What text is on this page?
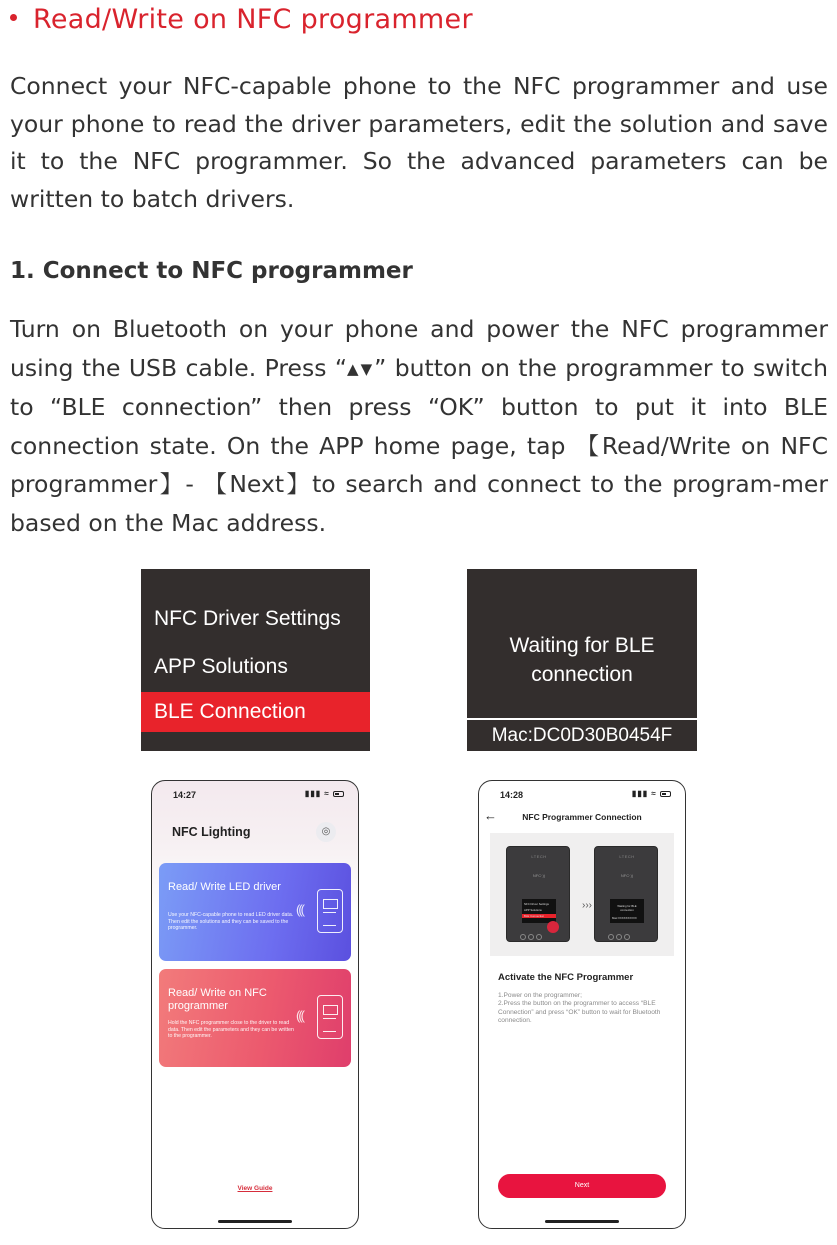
Read/Write on NFC programmer

Connect your NFC-capable phone to the NFC programmer and use your phone to read the driver parameters, edit the solution and save it to the NFC programmer. So the advanced parameters can be written to batch drivers.

1. Connect to NFC programmer

Turn on Bluetooth on your phone and power the NFC programmer using the USB cable. Press “▲▼” button on the programmer to switch to “BLE connection” then press “OK” button to put it into BLE connection state. On the APP home page, tap 【Read/Write on NFC programmer】- 【Next】to search and connect to the program-mer based on the Mac address.

NFC Driver Settings
APP Solutions
BLE Connection
Waiting for BLE connection
Mac:DC0D30B0454F
14:27	▮▮▮ ≈
NFC Lighting	◎
Read/ Write LED driver
Use your NFC-capable phone to read LED driver data. Then edit the solutions and they can be saved to the programmer.
(((
Read/ Write on NFC programmer
Hold the NFC programmer close to the driver to read data. Then edit the parameters and they can be written to the programmer.
(((
View Guide
14:28	▮▮▮ ≈
←	NFC Programmer Connection
LTECH
NFC·))
NFC Driver Settings
APP Solutions
BLE Connection
›››
LTECH
NFC·))
Waiting for BLE connection
Mac:XXXXXXXXXX
Activate the NFC Programmer
1.Power on the programmer;
2.Press the button on the programmer to access “BLE Connection” and press “OK” button to wait for Bluetooth connection.
Next
